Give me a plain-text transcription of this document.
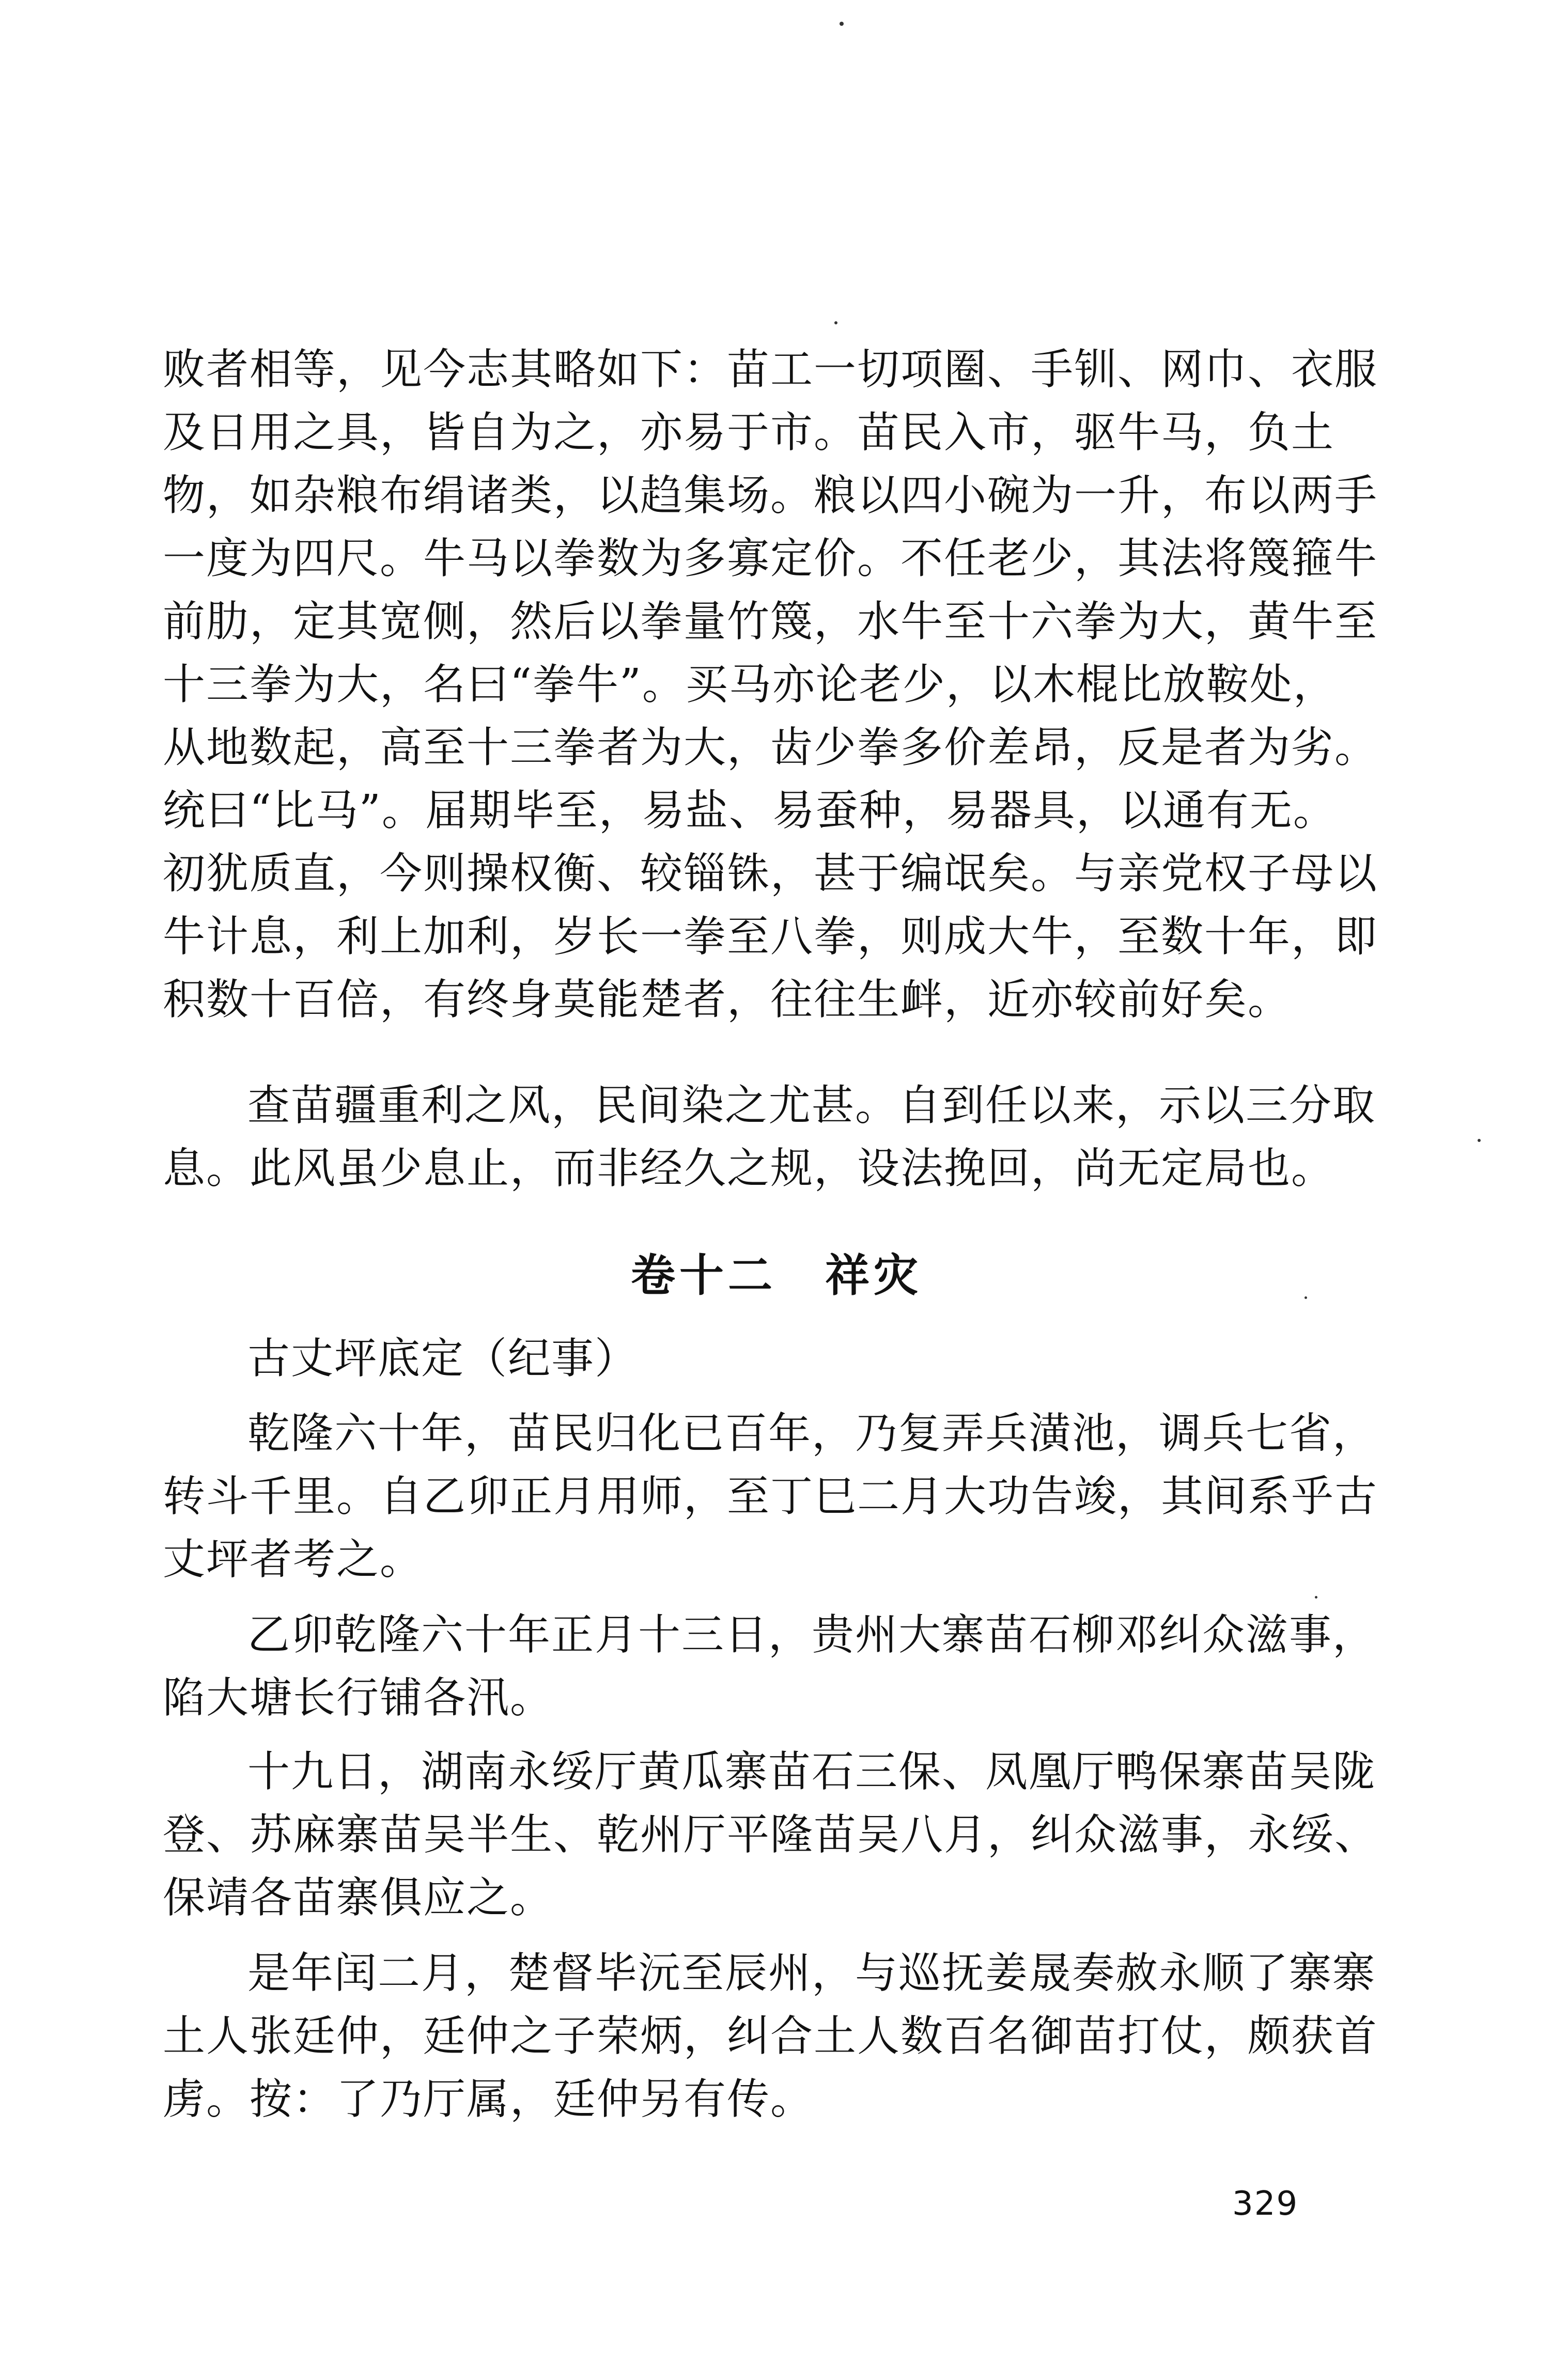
败者相等，见今志其略如下：苗工一切项圈、手钏、网巾、衣服
及日用之具，皆自为之，亦易于市。苗民入市，驱牛马，负土
物，如杂粮布绢诸类，以趋集场。粮以四小碗为一升，布以两手
一度为四尺。牛马以拳数为多寡定价。不任老少，其法将篾箍牛
前肋，定其宽侧，然后以拳量竹篾，水牛至十六拳为大，黄牛至
十三拳为大，名曰“拳牛”。买马亦论老少，以木棍比放鞍处，
从地数起，高至十三拳者为大，齿少拳多价差昂，反是者为劣。
统曰“比马”。届期毕至，易盐、易蚕种，易器具，以通有无。
初犹质直，今则操权衡、较锱铢，甚于编氓矣。与亲党权子母以
牛计息，利上加利，岁长一拳至八拳，则成大牛，至数十年，即
积数十百倍，有终身莫能楚者，往往生衅，近亦较前好矣。
查苗疆重利之风，民间染之尤甚。自到任以来，示以三分取
息。此风虽少息止，而非经久之规，设法挽回，尚无定局也。
卷十二　祥灾
古丈坪底定（纪事）
乾隆六十年，苗民归化已百年，乃复弄兵潢池，调兵七省，
转斗千里。自乙卯正月用师，至丁巳二月大功告竣，其间系乎古
丈坪者考之。
乙卯乾隆六十年正月十三日，贵州大寨苗石柳邓纠众滋事，
陷大塘长行铺各汛。
十九日，湖南永绥厅黄瓜寨苗石三保、凤凰厅鸭保寨苗吴陇
登、苏麻寨苗吴半生、乾州厅平隆苗吴八月，纠众滋事，永绥、
保靖各苗寨俱应之。
是年闰二月，楚督毕沅至辰州，与巡抚姜晟奏赦永顺了寨寨
土人张廷仲，廷仲之子荣炳，纠合土人数百名御苗打仗，颇获首
虏。按：了乃厅属，廷仲另有传。
329
